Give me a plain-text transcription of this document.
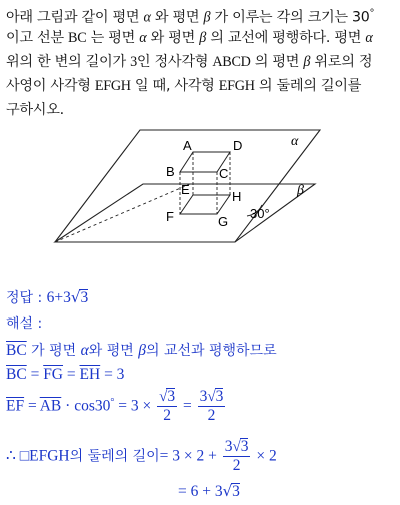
아래 그림과 같이 평면 α 와 평면 β 가 이루는 각의 크기는 30°
이고 선분 BC 는 평면 α 와 평면 β 의 교선에 평행하다. 평면 α
위의 한 변의 길이가 3인 정사각형 ABCD 의 평면 β 위로의 정
사영이 사각형 EFGH 일 때, 사각형 EFGH 의 둘레의 길이를
구하시오.
A	D
B	C
E	H
F	G
α
β
30°
정답 : 6+3√3
해설 :
$\overline{BC}$ 가 평면 α와 평면 β의 교선과 평행하므로
$\overline{BC} = \overline{FG} = \overline{EH} = 3$
$\overline{EF} = \overline{AB} \cdot \cos 30^\circ = 3 \times \frac{√3}{2} = \frac{3√3}{2}$
∴ □EFGH의 둘레의 길이= $3 \times 2 + \frac{3√3}{2} \times 2$
= 6 + 3√3
